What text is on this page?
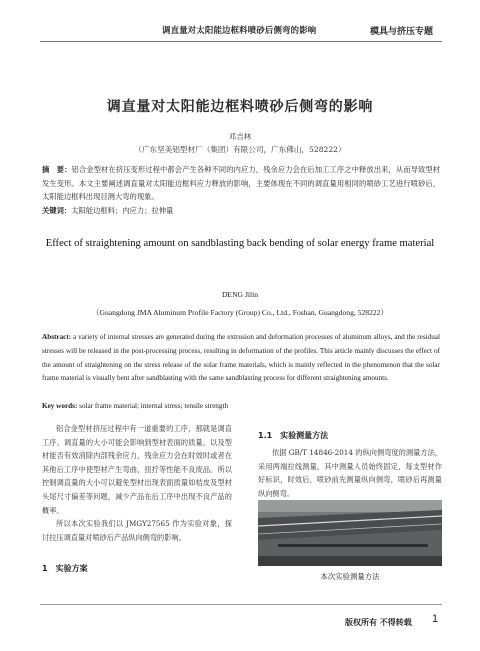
调直量对太阳能边框料喷砂后侧弯的影响	模具与挤压专题
调直量对太阳能边框料喷砂后侧弯的影响
邓吉林
（广东坚美铝型材厂（集团）有限公司，广东佛山，528222）
摘　要：铝合金型材在挤压变形过程中都会产生各种不同的内应力，残余应力会在后加工工序之中释放出来，从而导致型材发生变形。本文主要阐述调直量对太阳能边框料应力释放的影响，主要体现在不同的调直量用相同的喷砂工艺进行喷砂后，太阳能边框料出现目测大弯的现象。
关键词：太阳能边框料；内应力；拉伸量
Effect of straightening amount on sandblasting back bending of solar energy frame material
DENG Jilin
（Guangdong JMA Aluminum Profile Factory (Group) Co., Ltd., Foshan, Guangdong, 528222）
Abstract: a variety of internal stresses are generated during the extrusion and deformation processes of aluminum alloys, and the residual stresses will be released in the post-processing process, resulting in deformation of the profiles. This article mainly discusses the effect of the amount of straightening on the stress release of the solar frame materials, which is mainly reflected in the phenomenon that the solar frame material is visually bent after sandblasting with the same sandblasting process for different straightening amounts.
Key words: solar frame material; internal stress; tensile strength

铝合金型材挤压过程中有一道重要的工序，那就是调直工序。调直量的大小可能会影响到型材表面的质量，以及型材能否有效消除内部残余应力，残余应力会在时效时或者在其他后工序中使型材产生弯曲，扭拧等性能不良废品。所以控制调直量的大小可以避免型材出现表面质量如桔皮及型材头尾尺寸偏差等问题，减少产品在后工序中出现不良产品的概率。

所以本次实验我们以 JMGY27565 作为实验对象，探讨拉压调直量对喷砂后产品纵向侧弯的影响。

1　实验方案
1.1　实验测量方法

依据 GB/T 14846-2014 的纵向侧弯度的测量方法，采用两端拉线测量，其中测量人员始终固定，每支型材作好标识，时效后，喷砂前先测量纵向侧弯，喷砂后再测量纵向侧弯。

本次实验测量方法
版权所有 不得转载 1
